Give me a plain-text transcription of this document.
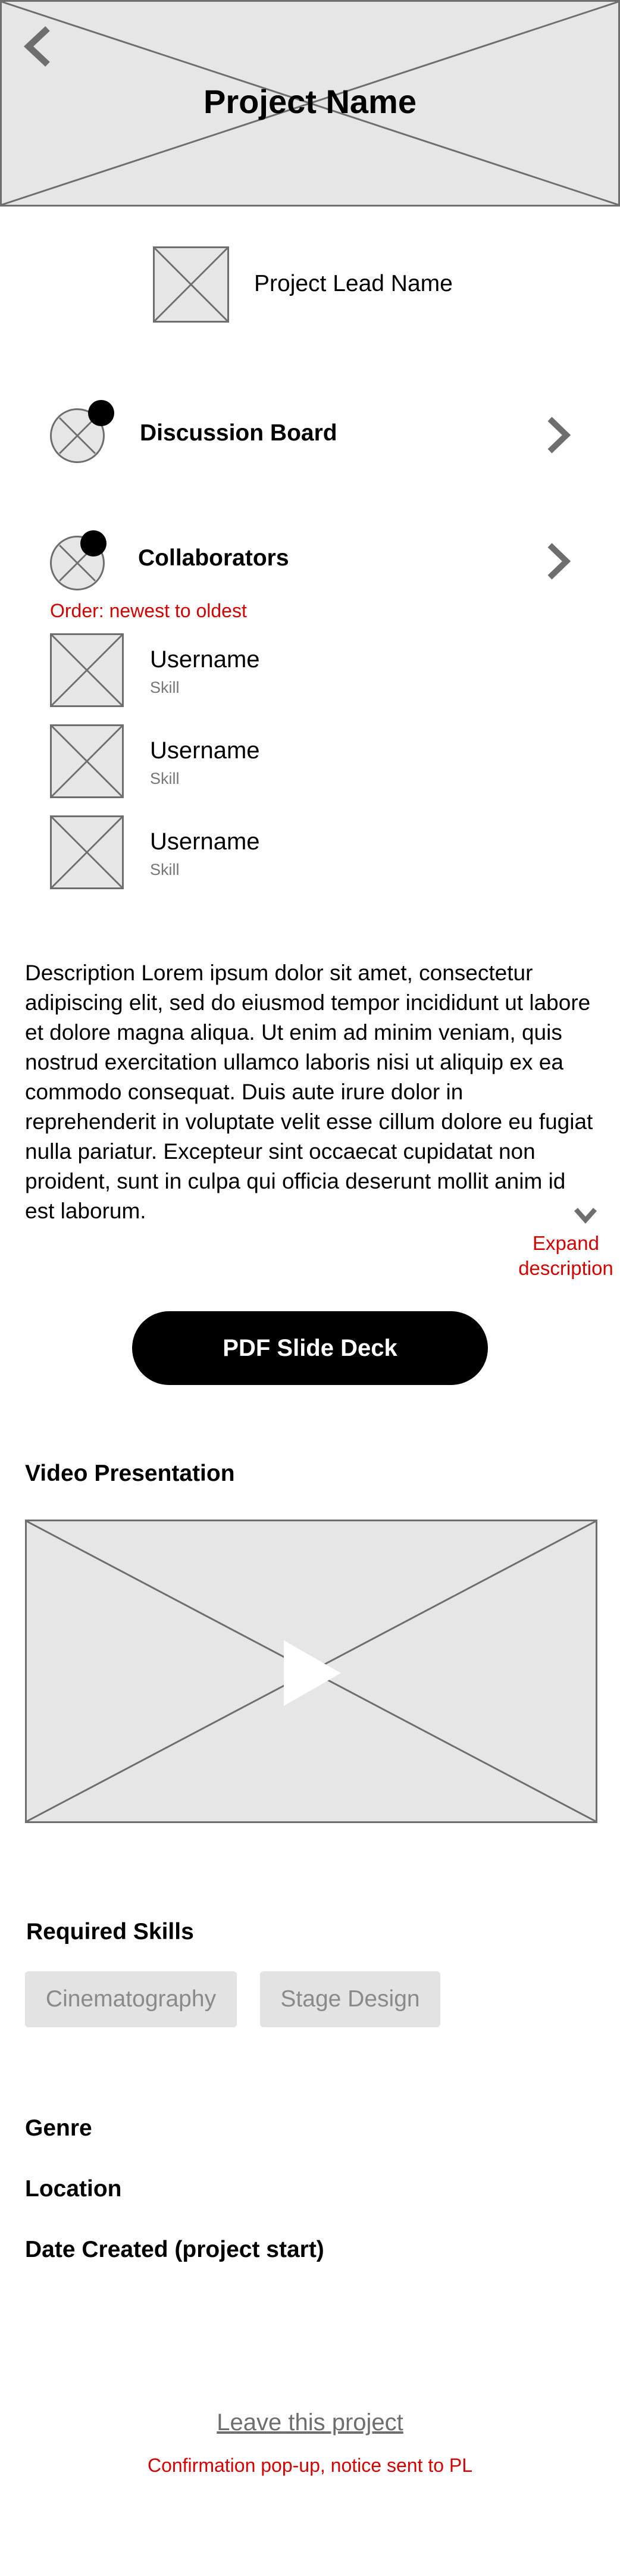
Project Name
Project Lead Name
Discussion Board
Collaborators
Order: newest to oldest
Username
Skill
Username
Skill
Username
Skill
Description Lorem ipsum dolor sit amet, consectetur adipiscing elit, sed do eiusmod tempor incididunt ut labore et dolore magna aliqua. Ut enim ad minim veniam, quis nostrud exercitation ullamco laboris nisi ut aliquip ex ea commodo consequat. Duis aute irure dolor in reprehenderit in voluptate velit esse cillum dolore eu fugiat nulla pariatur. Excepteur sint occaecat cupidatat non proident, sunt in culpa qui officia deserunt mollit anim id est laborum.
Expand
description
PDF Slide Deck
Video Presentation
Required Skills
Cinematography	Stage Design
Genre
Location
Date Created (project start)
Leave this project
Confirmation pop-up, notice sent to PL
